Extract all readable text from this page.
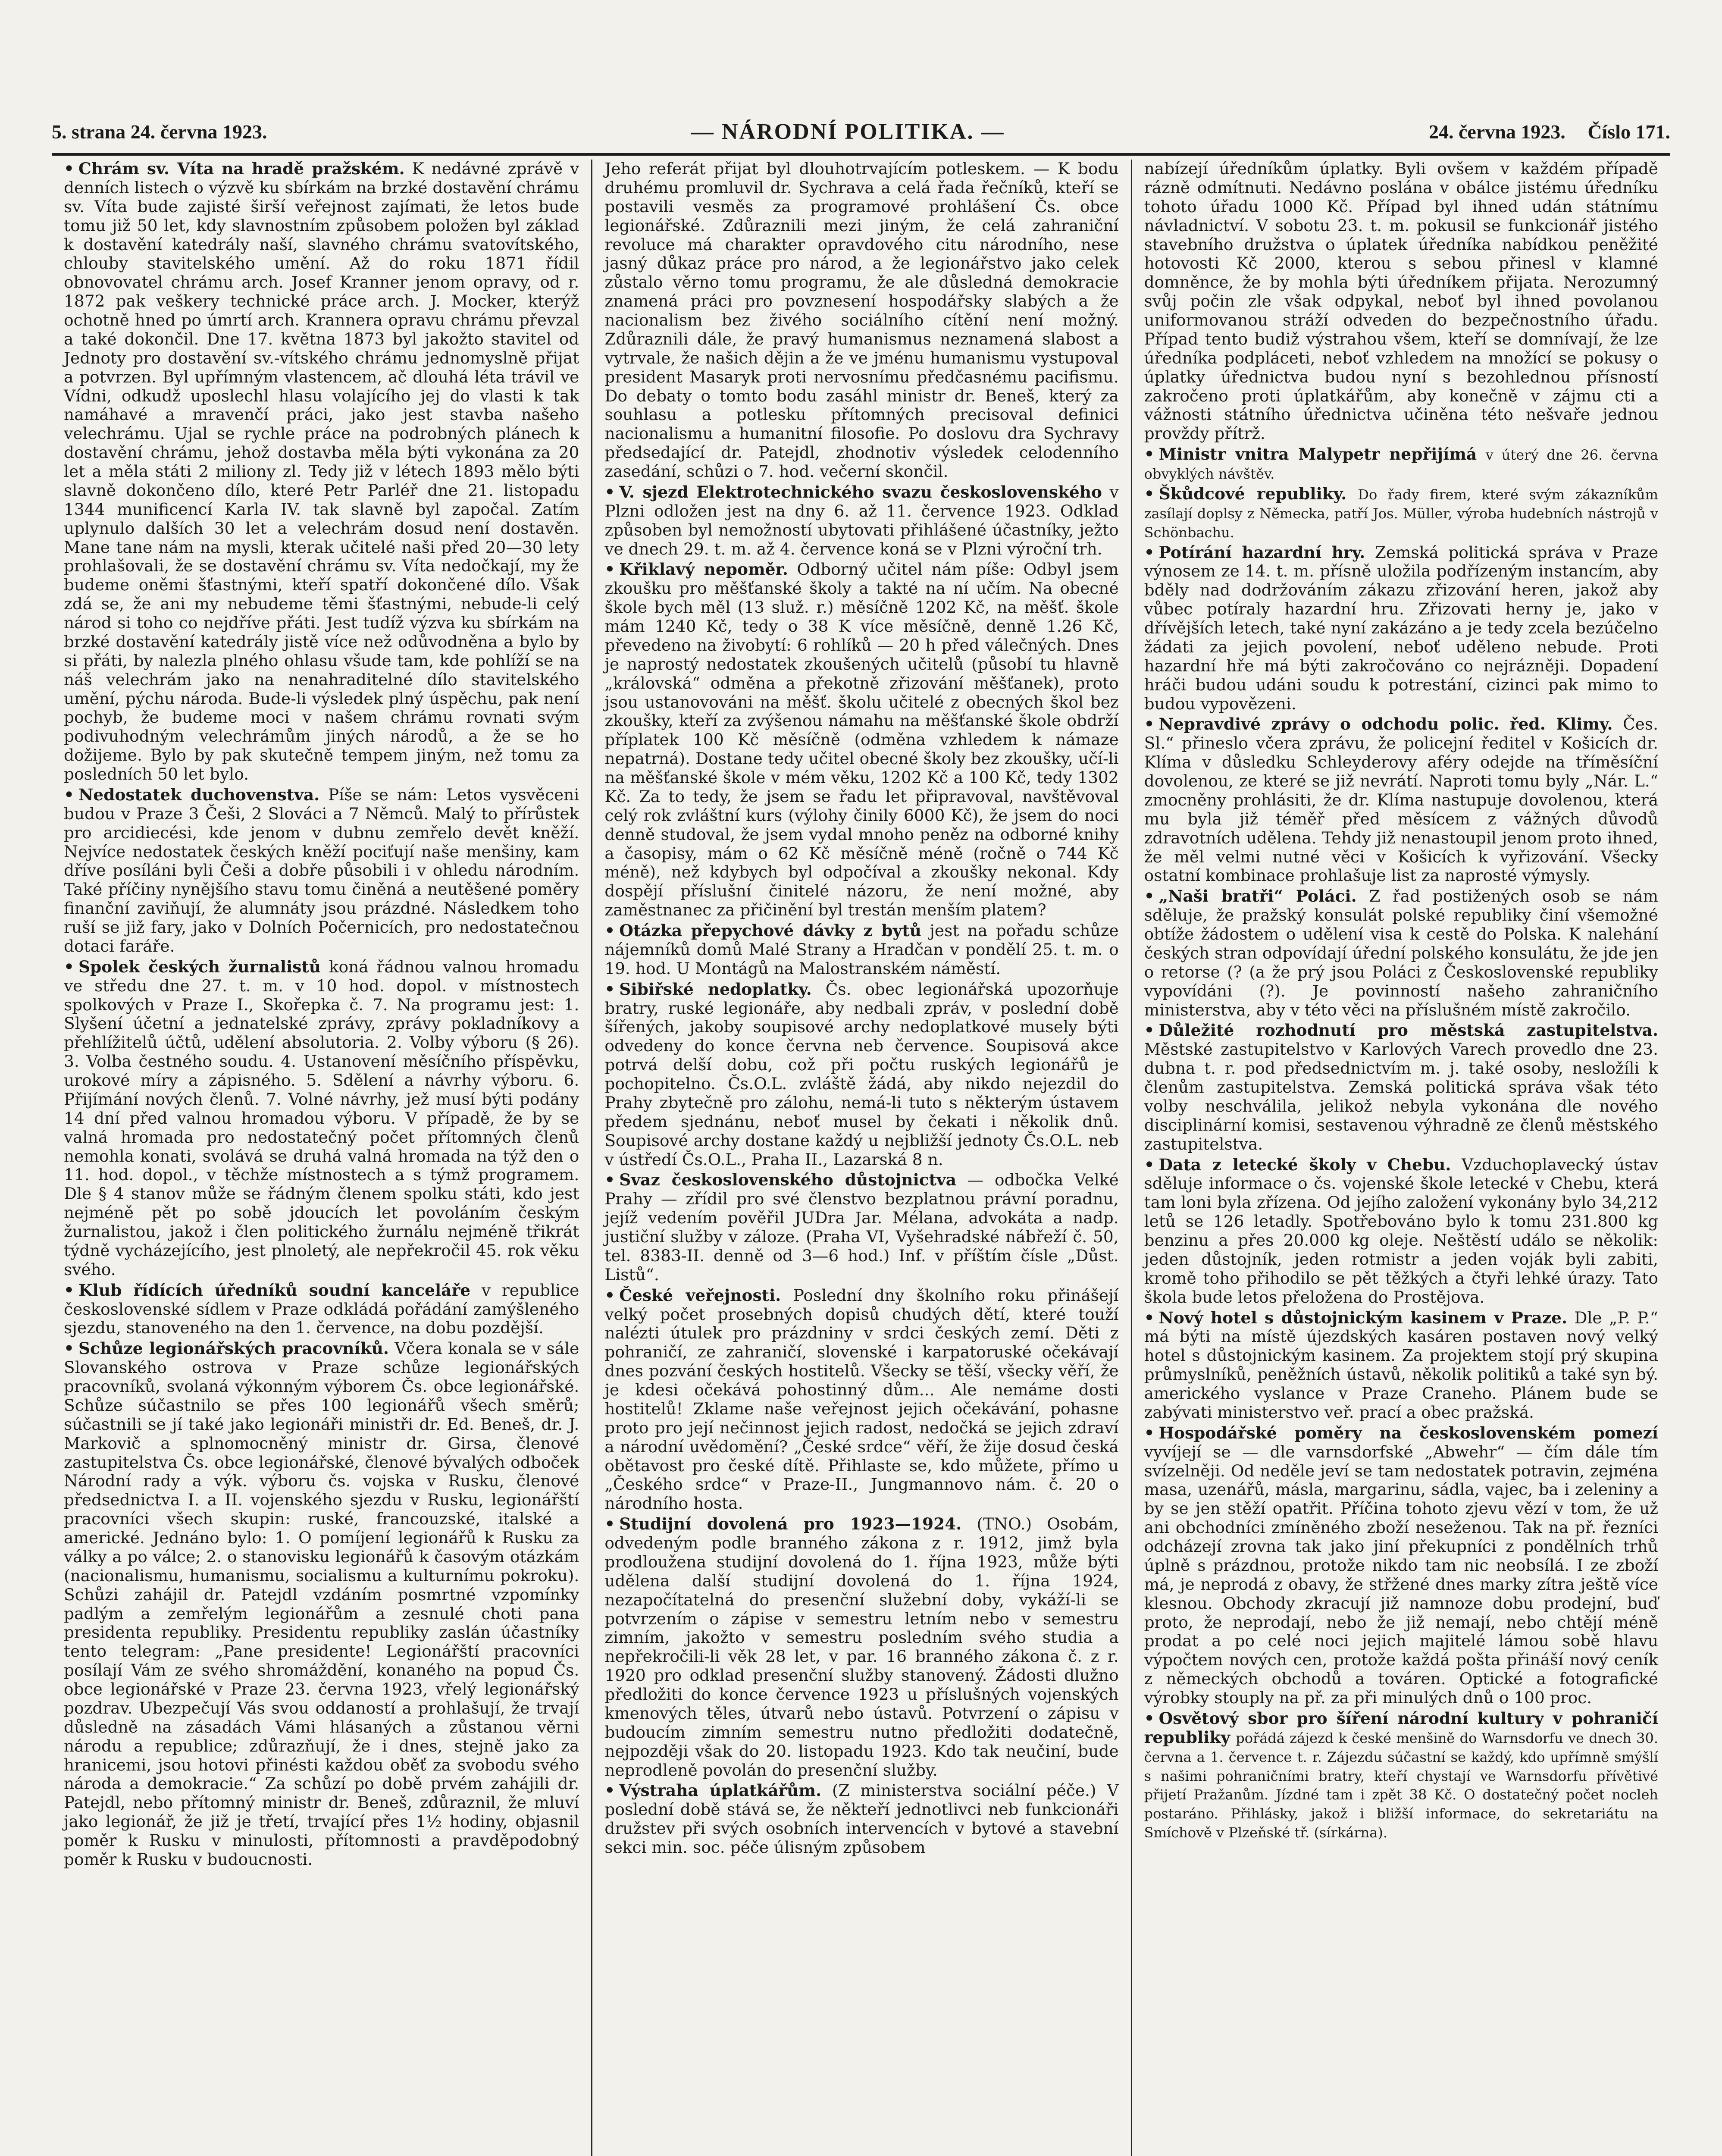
5. strana 24. června 1923.	— NÁRODNÍ POLITIKA. —	24. června 1923. Číslo 171.

• Chrám sv. Víta na hradě pražském. K nedávné zprávě v denních listech o výzvě ku sbírkám na brzké dostavění chrámu sv. Víta bude zajisté širší veřejnost zajímati, že letos bude tomu již 50 let, kdy slavnostním způsobem položen byl základ k dostavění katedrály naší, slavného chrámu svatovítského, chlouby stavitelského umění. Až do roku 1871 řídil obnovovatel chrámu arch. Josef Kranner jenom opravy, od r. 1872 pak veškery technické práce arch. J. Mocker, kterýž ochotně hned po úmrtí arch. Krannera opravu chrámu převzal a také dokončil. Dne 17. května 1873 byl jakožto stavitel od Jednoty pro dostavění sv.-vítského chrámu jednomyslně přijat a potvrzen. Byl upřímným vlastencem, ač dlouhá léta trávil ve Vídni, odkudž uposlechl hlasu volajícího jej do vlasti k tak namáhavé a mravenčí práci, jako jest stavba našeho velechrámu. Ujal se rychle práce na podrobných plánech k dostavění chrámu, jehož dostavba měla býti vykonána za 20 let a měla státi 2 miliony zl. Tedy již v létech 1893 mělo býti slavně dokončeno dílo, které Petr Parléř dne 21. listopadu 1344 munificencí Karla IV. tak slavně byl započal. Zatím uplynulo dalších 30 let a velechrám dosud není dostavěn. Mane tane nám na mysli, kterak učitelé naši před 20—30 lety prohlašovali, že se dostavění chrámu sv. Víta nedočkají, my že budeme oněmi šťastnými, kteří spatří dokončené dílo. Však zdá se, že ani my nebudeme těmi šťastnými, nebude-li celý národ si toho co nejdříve přáti. Jest tudíž výzva ku sbírkám na brzké dostavění katedrály jistě více než odůvodněna a bylo by si přáti, by nalezla plného ohlasu všude tam, kde pohlíží se na náš velechrám jako na nenahraditelné dílo stavitelského umění, pýchu národa. Bude-li výsledek plný úspěchu, pak není pochyb, že budeme moci v našem chrámu rovnati svým podivuhodným velechrámům jiných národů, a že se ho dožijeme. Bylo by pak skutečně tempem jiným, než tomu za posledních 50 let bylo.

• Nedostatek duchovenstva. Píše se nám: Letos vysvěceni budou v Praze 3 Češi, 2 Slováci a 7 Němců. Malý to přírůstek pro arcidiecési, kde jenom v dubnu zemřelo devět kněží. Nejvíce nedostatek českých kněží pociťují naše menšiny, kam dříve posíláni byli Češi a dobře působili i v ohledu národním. Také příčiny nynějšího stavu tomu činěná a neutěšené poměry finanční zaviňují, že alumnáty jsou prázdné. Následkem toho ruší se již fary, jako v Dolních Počernicích, pro nedostatečnou dotaci faráře.

• Spolek českých žurnalistů koná řádnou valnou hromadu ve středu dne 27. t. m. v 10 hod. dopol. v místnostech spolkových v Praze I., Skořepka č. 7. Na programu jest: 1. Slyšení účetní a jednatelské zprávy, zprávy pokladníkovy a přehlížitelů účtů, udělení absolutoria. 2. Volby výboru (§ 26). 3. Volba čestného soudu. 4. Ustanovení měsíčního příspěvku, urokové míry a zápisného. 5. Sdělení a návrhy výboru. 6. Přijímání nových členů. 7. Volné návrhy, jež musí býti podány 14 dní před valnou hromadou výboru. V případě, že by se valná hromada pro nedostatečný počet přítomných členů nemohla konati, svolává se druhá valná hromada na týž den o 11. hod. dopol., v těchže místnostech a s týmž programem. Dle § 4 stanov může se řádným členem spolku státi, kdo jest nejméně pět po sobě jdoucích let povoláním českým žurnalistou, jakož i člen politického žurnálu nejméně třikrát týdně vycházejícího, jest plnoletý, ale nepřekročil 45. rok věku svého.

• Klub řídících úředníků soudní kanceláře v republice československé sídlem v Praze odkládá pořádání zamýšleného sjezdu, stanoveného na den 1. července, na dobu pozdější.

• Schůze legionářských pracovníků. Včera konala se v sále Slovanského ostrova v Praze schůze legionářských pracovníků, svolaná výkonným výborem Čs. obce legionářské. Schůze súčastnilo se přes 100 legionářů všech směrů; súčastnili se jí také jako legionáři ministři dr. Ed. Beneš, dr. J. Markovič a splnomocněný ministr dr. Girsa, členové zastupitelstva Čs. obce legionářské, členové bývalých odboček Národní rady a výk. výboru čs. vojska v Rusku, členové předsednictva I. a II. vojenského sjezdu v Rusku, legionářští pracovníci všech skupin: ruské, francouzské, italské a americké. Jednáno bylo: 1. O pomíjení legionářů k Rusku za války a po válce; 2. o stanovisku legionářů k časovým otázkám (nacionalismu, humanismu, socialismu a kulturnímu pokroku). Schůzi zahájil dr. Patejdl vzdáním posmrtné vzpomínky padlým a zemřelým legionářům a zesnulé choti pana presidenta republiky. Presidentu republiky zaslán účastníky tento telegram: „Pane presidente! Legionářští pracovníci posílají Vám ze svého shromáždění, konaného na popud Čs. obce legionářské v Praze 23. června 1923, vřelý legionářský pozdrav. Ubezpečují Vás svou oddaností a prohlašují, že trvají důsledně na zásadách Vámi hlásaných a zůstanou věrni národu a republice; zdůrazňují, že i dnes, stejně jako za hranicemi, jsou hotovi přinésti každou oběť za svobodu svého národa a demokracie.“ Za schůzí po době prvém zahájili dr. Patejdl, nebo přítomný ministr dr. Beneš, zdůraznil, že mluví jako legionář, že již je třetí, trvající přes 1½ hodiny, objasnil poměr k Rusku v minulosti, přítomnosti a pravděpodobný poměr k Rusku v budoucnosti.

Jeho referát přijat byl dlouhotrvajícím potleskem. — K bodu druhému promluvil dr. Sychrava a celá řada řečníků, kteří se postavili vesměs za programové prohlášení Čs. obce legionářské. Zdůraznili mezi jiným, že celá zahraniční revoluce má charakter opravdového citu národního, nese jasný důkaz práce pro národ, a že legionářstvo jako celek zůstalo věrno tomu programu, že ale důsledná demokracie znamená práci pro povznesení hospodářsky slabých a že nacionalism bez živého sociálního cítění není možný. Zdůraznili dále, že pravý humanismus neznamená slabost a vytrvale, že našich dějin a že ve jménu humanismu vystupoval president Masaryk proti nervosnímu předčasnému pacifismu. Do debaty o tomto bodu zasáhl ministr dr. Beneš, který za souhlasu a potlesku přítomných precisoval definici nacionalismu a humanitní filosofie. Po doslovu dra Sychravy předsedající dr. Patejdl, zhodnotiv výsledek celodenního zasedání, schůzi o 7. hod. večerní skončil.

• V. sjezd Elektrotechnického svazu československého v Plzni odložen jest na dny 6. až 11. července 1923. Odklad způsoben byl nemožností ubytovati přihlášené účastníky, ježto ve dnech 29. t. m. až 4. července koná se v Plzni výroční trh.

• Křiklavý nepoměr. Odborný učitel nám píše: Odbyl jsem zkoušku pro měšťanské školy a takté na ní učím. Na obecné škole bych měl (13 služ. r.) měsíčně 1202 Kč, na měšť. škole mám 1240 Kč, tedy o 38 K více měsíčně, denně 1.26 Kč, převedeno na živobytí: 6 rohlíků — 20 h před válečných. Dnes je naprostý nedostatek zkoušených učitelů (působí tu hlavně „královská“ odměna a překotně zřizování měšťanek), proto jsou ustanovováni na měšť. školu učitelé z obecných škol bez zkoušky, kteří za zvýšenou námahu na měšťanské škole obdrží příplatek 100 Kč měsíčně (odměna vzhledem k námaze nepatrná). Dostane tedy učitel obecné školy bez zkoušky, učí-li na měšťanské škole v mém věku, 1202 Kč a 100 Kč, tedy 1302 Kč. Za to tedy, že jsem se řadu let připravoval, navštěvoval celý rok zvláštní kurs (výlohy činily 6000 Kč), že jsem do noci denně studoval, že jsem vydal mnoho peněz na odborné knihy a časopisy, mám o 62 Kč měsíčně méně (ročně o 744 Kč méně), než kdybych byl odpočíval a zkoušky nekonal. Kdy dospějí příslušní činitelé názoru, že není možné, aby zaměstnanec za přičinění byl trestán menším platem?

• Otázka přepychové dávky z bytů jest na pořadu schůze nájemníků domů Malé Strany a Hradčan v pondělí 25. t. m. o 19. hod. U Montágů na Malostranském náměstí.

• Sibiřské nedoplatky. Čs. obec legionářská upozorňuje bratry, ruské legionáře, aby nedbali zpráv, v poslední době šířených, jakoby soupisové archy nedoplatkové musely býti odvedeny do konce června neb července. Soupisová akce potrvá delší dobu, což při počtu ruských legionářů je pochopitelno. Čs.O.L. zvláště žádá, aby nikdo nejezdil do Prahy zbytečně pro zálohu, nemá-li tuto s některým ústavem předem sjednánu, neboť musel by čekati i několik dnů. Soupisové archy dostane každý u nejbližší jednoty Čs.O.L. neb v ústředí Čs.O.L., Praha II., Lazarská 8 n.

• Svaz československého důstojnictva — odbočka Velké Prahy — zřídil pro své členstvo bezplatnou právní poradnu, jejíž vedením pověřil JUDra Jar. Mélana, advokáta a nadp. justiční služby v záloze. (Praha VI, Vyšehradské nábřeží č. 50, tel. 8383-II. denně od 3—6 hod.) Inf. v příštím čísle „Důst. Listů“.

• České veřejnosti. Poslední dny školního roku přinášejí velký počet prosebných dopisů chudých dětí, které touží nalézti útulek pro prázdniny v srdci českých zemí. Děti z pohraničí, ze zahraničí, slovenské i karpatoruské očekávají dnes pozvání českých hostitelů. Všecky se těší, všecky věří, že je kdesi očekává pohostinný dům... Ale nemáme dosti hostitelů! Zklame naše veřejnost jejich očekávání, pohasne proto pro její nečinnost jejich radost, nedočká se jejich zdraví a národní uvědomění? „České srdce“ věří, že žije dosud česká obětavost pro české dítě. Přihlaste se, kdo můžete, přímo u „Českého srdce“ v Praze-II., Jungmannovo nám. č. 20 o národního hosta.

• Studijní dovolená pro 1923—1924. (TNO.) Osobám, odvedeným podle branného zákona z r. 1912, jimž byla prodloužena studijní dovolená do 1. října 1923, může býti udělena další studijní dovolená do 1. října 1924, nezapočítatelná do presenční služební doby, vykáží-li se potvrzením o zápise v semestru letním nebo v semestru zimním, jakožto v semestru posledním svého studia a nepřekročili-li věk 28 let, v par. 16 branného zákona č. z r. 1920 pro odklad presenční služby stanovený. Žádosti dlužno předložiti do konce července 1923 u příslušných vojenských kmenových těles, útvarů nebo ústavů. Potvrzení o zápisu v budoucím zimním semestru nutno předložiti dodatečně, nejpozději však do 20. listopadu 1923. Kdo tak neučiní, bude neprodleně povolán do presenční služby.

• Výstraha úplatkářům. (Z ministerstva sociální péče.) V poslední době stává se, že někteří jednotlivci neb funkcionáři družstev při svých osobních intervencích v bytové a stavební sekci min. soc. péče úlisným způsobem

nabízejí úředníkům úplatky. Byli ovšem v každém případě rázně odmítnuti. Nedávno poslána v obálce jistému úředníku tohoto úřadu 1000 Kč. Případ byl ihned udán státnímu návladnictví. V sobotu 23. t. m. pokusil se funkcionář jistého stavebního družstva o úplatek úředníka nabídkou peněžité hotovosti Kč 2000, kterou s sebou přinesl v klamné domněnce, že by mohla býti úředníkem přijata. Nerozumný svůj počin zle však odpykal, neboť byl ihned povolanou uniformovanou stráží odveden do bezpečnostního úřadu. Případ tento budiž výstrahou všem, kteří se domnívají, že lze úředníka podpláceti, neboť vzhledem na množící se pokusy o úplatky úřednictva budou nyní s bezohlednou přísností zakročeno proti úplatkářům, aby konečně v zájmu cti a vážnosti státního úřednictva učiněna této nešvaře jednou provždy přítrž.

• Ministr vnitra Malypetr nepřijímá v úterý dne 26. června obvyklých návštěv.

• Škůdcové republiky. Do řady firem, které svým zákazníkům zasílají doplsy z Německa, patří Jos. Müller, výroba hudebních nástrojů v Schönbachu.

• Potírání hazardní hry. Zemská politická správa v Praze výnosem ze 14. t. m. přísně uložila podřízeným instancím, aby bděly nad dodržováním zákazu zřizování heren, jakož aby vůbec potíraly hazardní hru. Zřizovati herny je, jako v dřívějších letech, také nyní zakázáno a je tedy zcela bezúčelno žádati za jejich povolení, neboť uděleno nebude. Proti hazardní hře má býti zakročováno co nejrázněji. Dopadení hráči budou udáni soudu k potrestání, cizinci pak mimo to budou vypovězeni.

• Nepravdivé zprávy o odchodu polic. řed. Klimy. Čes. Sl.“ přineslo včera zprávu, že policejní ředitel v Košicích dr. Klíma v důsledku Schleyderovy aféry odejde na tříměsíční dovolenou, ze které se již nevrátí. Naproti tomu byly „Nár. L.“ zmocněny prohlásiti, že dr. Klíma nastupuje dovolenou, která mu byla již téměř před měsícem z vážných důvodů zdravotních udělena. Tehdy již nenastoupil jenom proto ihned, že měl velmi nutné věci v Košicích k vyřizování. Všecky ostatní kombinace prohlašuje list za naprosté výmysly.

• „Naši bratři“ Poláci. Z řad postižených osob se nám sděluje, že pražský konsulát polské republiky činí všemožné obtíže žádostem o udělení visa k cestě do Polska. K nalehání českých stran odpovídají úřední polského konsulátu, že jde jen o retorse (? (a že prý jsou Poláci z Československé republiky vypovídáni (?). Je povinností našeho zahraničního ministerstva, aby v této věci na příslušném místě zakročilo.

• Důležité rozhodnutí pro městská zastupitelstva. Městské zastupitelstvo v Karlových Varech provedlo dne 23. dubna t. r. pod předsednictvím m. j. také osoby, nesložíli k členům zastupitelstva. Zemská politická správa však této volby neschválila, jelikož nebyla vykonána dle nového disciplinární komisi, sestavenou výhradně ze členů městského zastupitelstva.

• Data z letecké školy v Chebu. Vzduchoplavecký ústav sděluje informace o čs. vojenské škole letecké v Chebu, která tam loni byla zřízena. Od jejího založení vykonány bylo 34,212 letů se 126 letadly. Spotřebováno bylo k tomu 231.800 kg benzinu a přes 20.000 kg oleje. Neštěstí událo se několik: jeden důstojník, jeden rotmistr a jeden voják byli zabiti, kromě toho přihodilo se pět těžkých a čtyři lehké úrazy. Tato škola bude letos přeložena do Prostějova.

• Nový hotel s důstojnickým kasinem v Praze. Dle „P. P.“ má býti na místě újezdských kasáren postaven nový velký hotel s důstojnickým kasinem. Za projektem stojí prý skupina průmyslníků, peněžních ústavů, několik politiků a také syn bý. amerického vyslance v Praze Craneho. Plánem bude se zabývati ministerstvo veř. prací a obec pražská.

• Hospodářské poměry na československém pomezí vyvíjejí se — dle varnsdorfské „Abwehr“ — čím dále tím svízelněji. Od neděle jeví se tam nedostatek potravin, zejména masa, uzenářů, másla, margarinu, sádla, vajec, ba i zeleniny a by se jen stěží opatřit. Příčina tohoto zjevu vězí v tom, že už ani obchodníci zmíněného zboží neseženou. Tak na př. řezníci odcházejí zrovna tak jako jiní překupníci z pondělních trhů úplně s prázdnou, protože nikdo tam nic neobsílá. I ze zboží má, je neprodá z obavy, že střžené dnes marky zítra ještě více klesnou. Obchody zkracují již namnoze dobu prodejní, buď proto, že neprodají, nebo že již nemají, nebo chtějí méně prodat a po celé noci jejich majitelé lámou sobě hlavu výpočtem nových cen, protože každá pošta přináší nový ceník z německých obchodů a továren. Optické a fotografické výrobky stouply na př. za při minulých dnů o 100 proc.

• Osvětový sbor pro šíření národní kultury v pohraničí republiky pořádá zájezd k české menšině do Warnsdorfu ve dnech 30. června a 1. července t. r. Zájezdu súčastní se každý, kdo upřímně smýšlí s našimi pohraničními bratry, kteří chystají ve Warnsdorfu přívětivé přijetí Pražanům. Jízdné tam i zpět 38 Kč. O dostatečný počet nocleh postaráno. Přihlásky, jakož i bližší informace, do sekretariátu na Smíchově v Plzeňské tř. (sírkárna).
